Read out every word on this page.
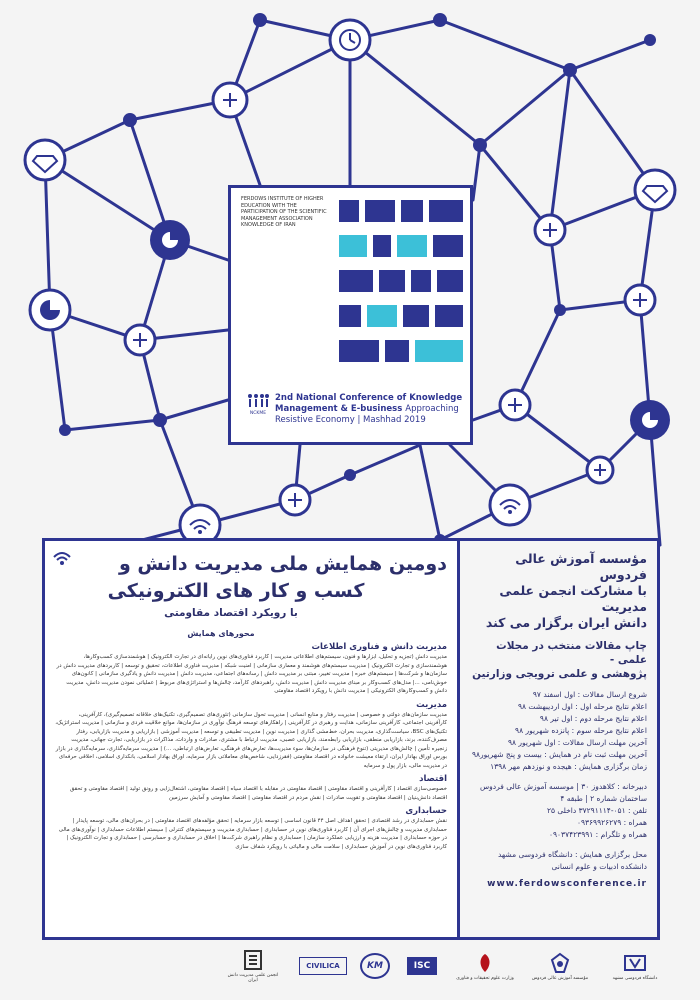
FERDOWS INSTITUTE OF HIGHER EDUCATION WITH THE PARTICIPATION OF THE SCIENTIFIC MANAGEMENT ASSOCIATION KNOWLEDGE OF IRAN
NCKME
2nd National Conference of Knowledge
Management & E-business Approaching
Resistive Economy | Mashhad 2019
مؤسسه آموزش عالی فردوس
با مشارکت انجمن علمی مدیریت
دانش ایران برگزار می کند
چاپ مقالات منتخب در مجلات علمی -
پژوهشی و علمی ترویجی وزارتین
شروع ارسال مقالات : اول اسفند ۹۷
اعلام نتایج مرحله اول : اول اردیبهشت ۹۸
اعلام نتایج مرحله دوم : اول تیر ۹۸
اعلام نتایج مرحله سوم : پانزده شهریور ۹۸
آخرین مهلت ارسال مقالات : اول شهریور ۹۸
آخرین مهلت ثبت نام در همایش : بیست و پنج شهریور۹۸
زمان برگزاری همایش : هیجده و نوزدهم مهر ۱۳۹۸
دبیرخانه : کلاهدوز ۳۰ | موسسه آموزش عالی فردوس
ساختمان شماره ۲ | طبقه ۴
تلفن : ۰۵۱-۳۷۲۹۱۱۱۴ داخلی ۲۵
همراه : ۰۹۳۶۹۹۲۶۲۷۹
همراه و تلگرام : ۰۹۰۳۷۴۲۳۹۹۱
محل برگزاری همایش : دانشگاه فردوسی مشهد
دانشکده ادبیات و علوم انسانی
www.ferdowsconference.ir
دومین همایش ملی مدیریت دانش و
کسب و کار های الکترونیکی
با رویکرد اقتصاد مقاومتی
محورهای همایش
مدیریت دانش و فناوری اطلاعات

مدیریت دانش (تجزیه و تحلیل، ابزارها و فنون، سیستم‌های اطلاعاتی مدیریت | کاربرد فناوری‌های نوین رایانه‌ای در تجارت الکترونیک | هوشمندسازی کسب‌وکارها، هوشمندسازی و تجارت الکترونیک | مدیریت سیستم‌های هوشمند و معماری سازمانی | امنیت شبکه | مدیریت فناوری اطلاعات، تحقیق و توسعه | کاربردهای مدیریت دانش در سازمان‌ها و شرکت‌ها | سیستم‌های خبره | مدیریت تغییر، مبتنی بر مدیریت دانش | رسانه‌های اجتماعی، مدیریت دانش | مدیریت دانش و یادگیری سازمانی | کانون‌های خوش‌نامی، ...| مدل‌های کسب‌وکار بر مبنای مدیریت دانش | مدیریت دانش، راهبردهای کارآمد، چالش‌ها و استراتژی‌های مربوط | عملیاتی نمودن مدیریت دانش، مدیریت دانش و کسب‌وکارهای الکترونیکی | مدیریت دانش با رویکرد اقتصاد مقاومتی

مدیریت

مدیریت سازمان‌های دولتی و خصوصی | مدیریت رفتار و منابع انسانی | مدیریت تحول سازمانی (تئوری‌های تصمیم‌گیری، تکنیک‌های خلاقانه تصمیم‌گیری)، کارآفرینی، کارآفرینی اجتماعی، کارآفرینی سازمانی، هدایت و رهبری در کارآفرینی | راهکارهای توسعه فرهنگ نوآوری در سازمان‌ها، موانع خلاقیت فردی و سازمانی | مدیریت استراتژیک، تکنیک‌های BSC، سیاست‌گذاری، مدیریت بحران، خط‌مشی گذاری | مدیریت نوین | مدیریت تطبیقی و توسعه | مدیریت آموزشی | بازاریابی و مدیریت بازاریابی، رفتار مصرف‌کننده، برند، بازاریابی منطقی، بازاریابی رابطه‌مند، بازاریابی عصبی، مدیریت ارتباط با مشتری، صادرات و واردات، مذاکرات در بازاریابی، تجارت جهانی، مدیریت زنجیره تأمین | چالش‌های مدیریتی (تنوع فرهنگی در سازمان‌ها، سوء مدیریت‌ها، تعارض‌های فرهنگی، تعارض‌های ارتباطی، ...) | مدیریت سرمایه‌گذاری، سرمایه‌گذاری در بازار بورس اوراق بهادار ایران، ارتقاء معیشت خانواده در اقتصاد مقاومتی (فقرزدایی، شاخص‌های معاملاتی بازار سرمایه، اوراق بهادار اسلامی، بانکداری اسلامی، اخلاقی حرفه‌ای در مدیریت مالی، بازار پول و سرمایه

اقتصاد

خصوصی‌سازی اقتصاد | کارآفرینی و اقتصاد مقاومتی | اقتصاد مقاومتی در مقابله با اقتصاد سیاه | اقتصاد مقاومتی، اشتغال‌زایی و رونق تولید | اقتصاد مقاومتی و تحقق اقتصاد دانش‌بنیان | اقتصاد مقاومتی و تقویت صادرات | نقش مردم در اقتصاد مقاومتی | اقتصاد مقاومتی و آمایش سرزمین

حسابداری

نقش حسابداری در رشد اقتصادی | تحقق اهداف اصل ۴۴ قانون اساسی | توسعه بازار سرمایه | تحقق مؤلفه‌های اقتصاد مقاومتی | در بحران‌های مالی، توسعه پایدار | حسابداری مدیریت و چالش‌های اجرای آن | کاربرد فناوری‌های نوین در حسابداری | حسابداری مدیریت و سیستم‌های کنترلی | سیستم اطلاعات حسابداری | نوآوری‌های مالی در حوزه حسابداری | مدیریت هزینه و ارزیابی عملکرد سازمان | حسابداری و نظام راهبری شرکت‌ها | اخلاق در حسابداری و حسابرسی | حسابداری و تجارت الکترونیک | کاربرد فناوری‌های نوین در آموزش حسابداری | سلامت مالی و مالیاتی با رویکرد شفاف سازی

دانشگاه فردوسی مشهد
مؤسسه آموزش عالی فردوس
وزارت علوم تحقیقات و فناوری
ISC
KM
CIVILICA
انجمن علمی مدیریت دانش ایران
